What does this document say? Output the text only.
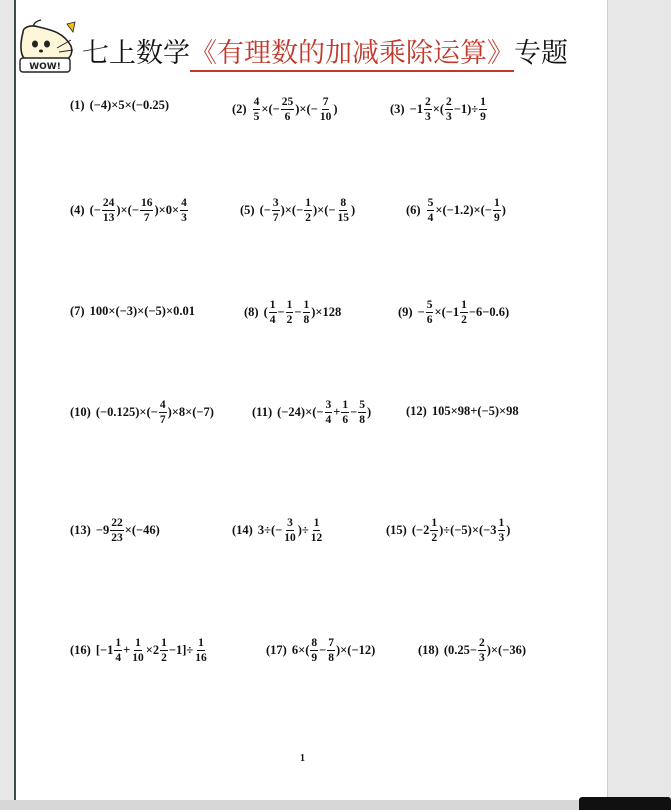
WOW! 七上数学《有理数的加减乘除运算》专题
(1) (−4)×5×(−0.25)	$(2) \frac{4}{5}$ ×(− $\frac{25}{6}$ )×(− $\frac{7}{10}$ )	$(3) -1 \frac{2}{3}$ ×( $\frac{2}{3} -1)\div \frac{1}{9}$
(4) (− $\frac{24}{13}$ )×(− $\frac{16}{7} )\times 0\times \frac{4}{3}$	(5) (− $\frac{3}{7}$ )×(− $\frac{1}{2}$ )×(− $\frac{8}{15}$ )	$(6) \frac{5}{4} \times(-1.2)\times(- \frac{1}{9}$ )
(7) 100×(−3)×(−5)×0.01	(8) ( $\frac{1}{4} - \frac{1}{2} - \frac{1}{8} )\times 128$	$(9) - \frac{5}{6} \times(-1 \frac{1}{2} -6-0.6)$
(10) $(-0.125)\times(- \frac{4}{7} )\times 8\times(-7)$	(11) $(-24)\times(- \frac{3}{4} + \frac{1}{6} - \frac{5}{8}$ )	(12) 105×98+(−5)×98
$(13) -9 \frac{22}{23} \times(-46)$	(14) $3\div(- \frac{3}{10}$ )÷ $\frac{1}{12}$	(15) $(-2 \frac{1}{2} )\div(-5)\times(-3 \frac{1}{3}$ )
(16) $[-1 \frac{1}{4} + \frac{1}{10} \times 2 \frac{1}{2} -1]\div \frac{1}{16}$	(17) $6\times( \frac{8}{9} - \frac{7}{8} )\times(-12)$	(18) $(0.25- \frac{2}{3} )\times(-36)$
1
